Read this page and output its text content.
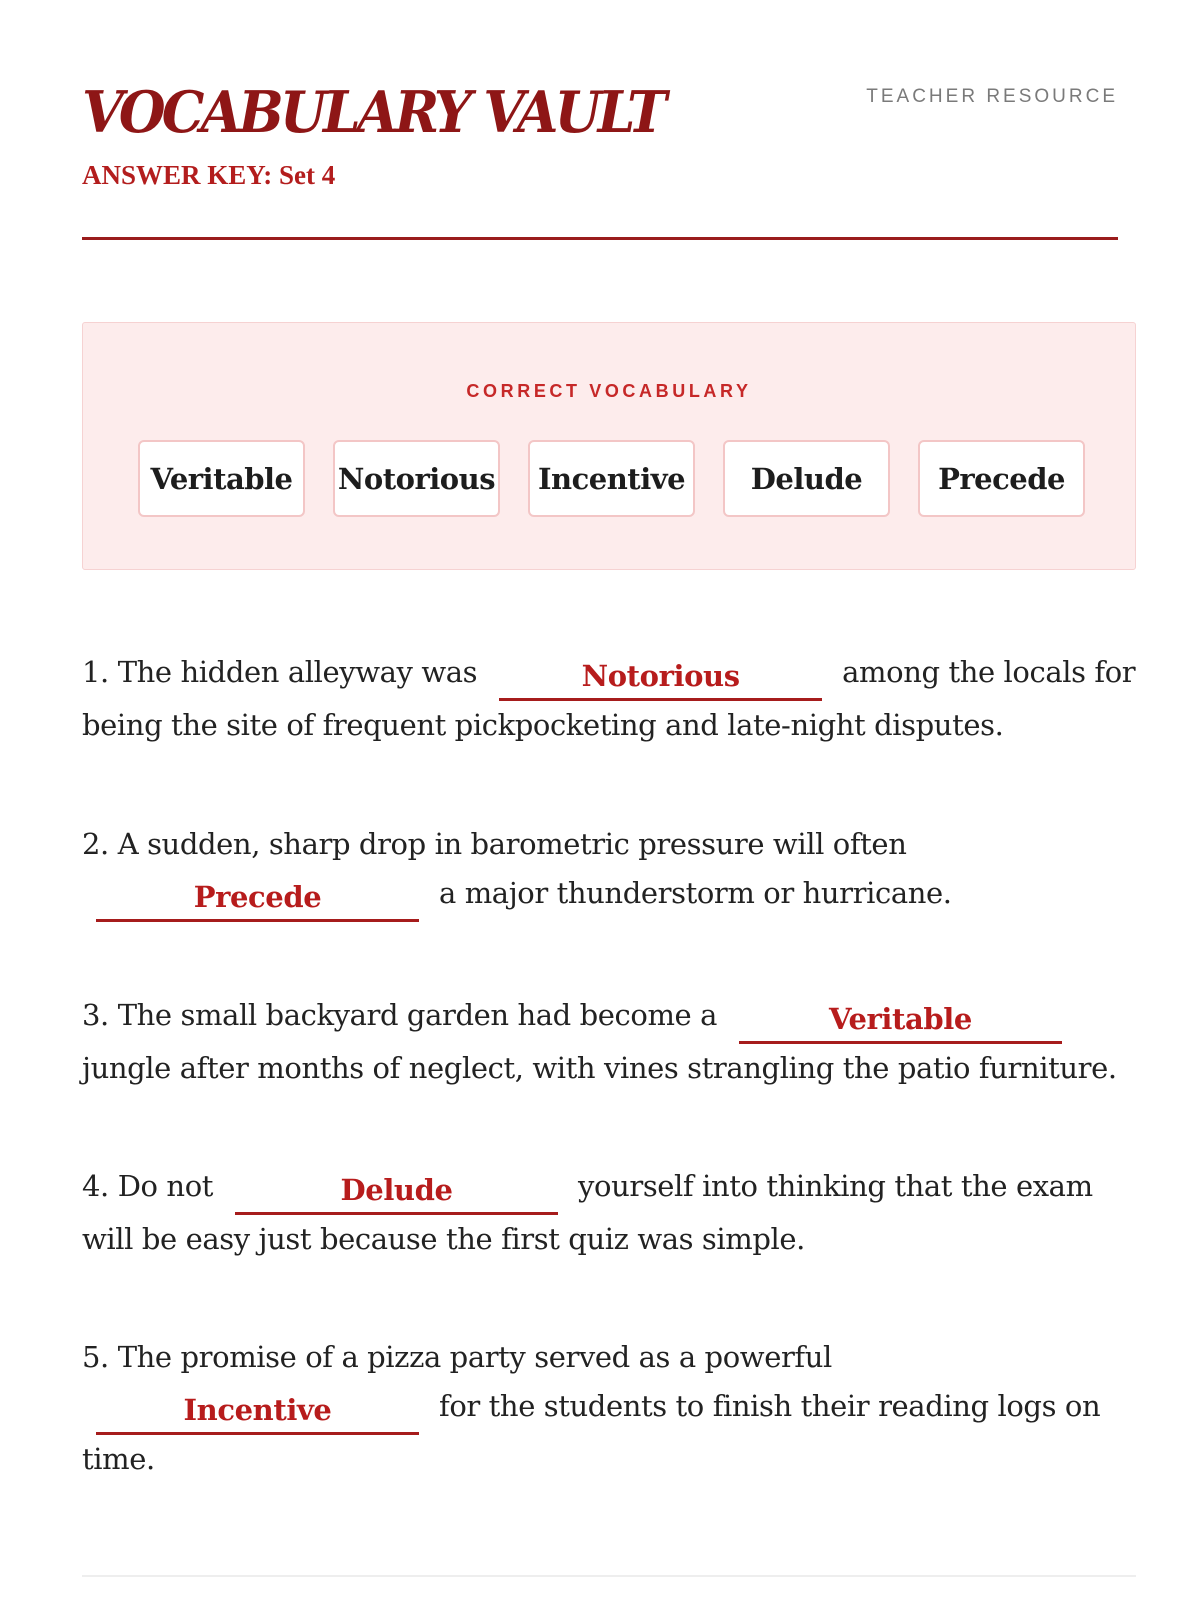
VOCABULARY VAULT
ANSWER KEY: Set 4
TEACHER RESOURCE
CORRECT VOCABULARY
Veritable	Notorious	Incentive	Delude	Precede

1. The hidden alleyway was	Notorious	among the locals for being the site of frequent pickpocketing and late-night disputes.

2. A sudden, sharp drop in barometric pressure will often
Precede	a major thunderstorm or hurricane.

3. The small backyard garden had become a	Veritable
jungle after months of neglect, with vines strangling the patio furniture.

4. Do not	Delude	yourself into thinking that the exam will be easy just because the first quiz was simple.

5. The promise of a pizza party served as a powerful
Incentive	for the students to finish their reading logs on time.
